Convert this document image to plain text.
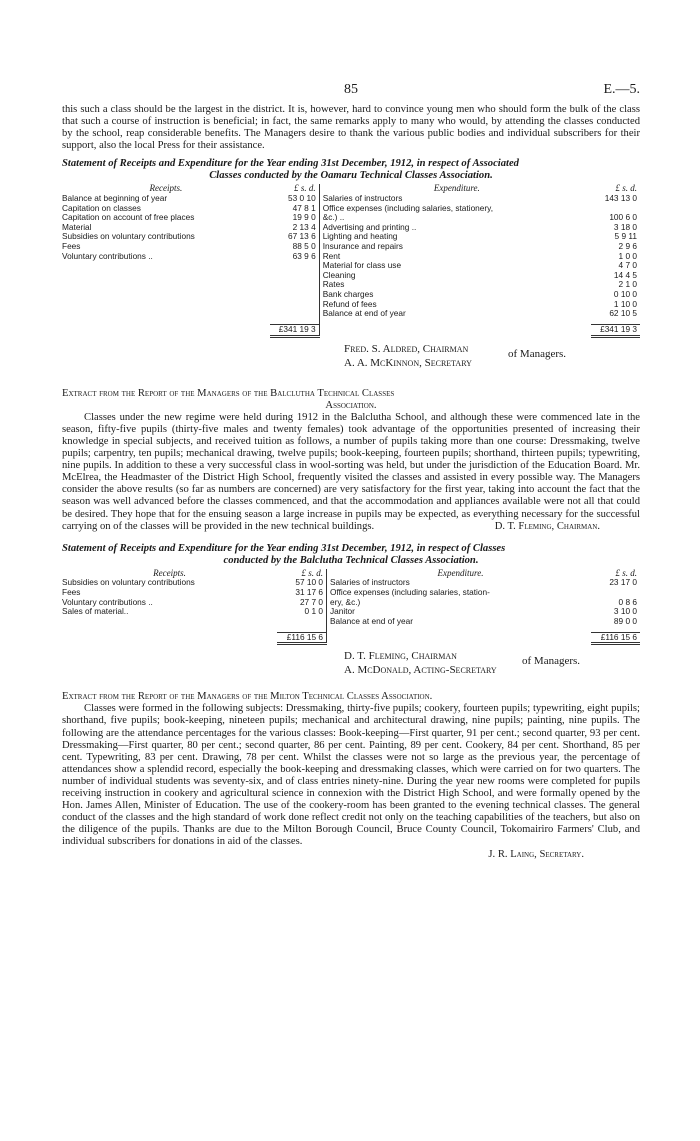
85	E.—5.

this such a class should be the largest in the district. It is, however, hard to convince young men who should form the bulk of the class that such a course of instruction is beneficial; in fact, the same remarks apply to many who would, by attending the classes conducted by the school, reap considerable benefits. The Managers desire to thank the various public bodies and individual subscribers for their support, also the local Press for their assistance.

Statement of Receipts and Expenditure for the Year ending 31st December, 1912, in respect of Associated
Classes conducted by the Oamaru Technical Classes Association.
Receipts.	£ s. d.	Expenditure.	£ s. d.
Balance at beginning of year	53 0 10	Salaries of instructors	143 13 0
Capitation on classes	47 8 1	Office expenses (including salaries, stationery,	
Capitation on account of free places	19 9 0	&c.) ..	100 6 0
Material	2 13 4	Advertising and printing ..	3 18 0
Subsidies on voluntary contributions	67 13 6	Lighting and heating	5 9 11
Fees	88 5 0	Insurance and repairs	2 9 6
Voluntary contributions ..	63 9 6	Rent	1 0 0
		Material for class use	4 7 0
		Cleaning	14 4 5
		Rates	2 1 0
		Bank charges	0 10 0
		Refund of fees	1 10 0
		Balance at end of year	62 10 5

	£341 19 3		£341 19 3
Fred. S. Aldred, Chairman
A. A. McKinnon, Secretary
of Managers.
Extract from the Report of the Managers of the Balclutha Technical Classes
Association.

Classes under the new regime were held during 1912 in the Balclutha School, and although these were commenced late in the season, fifty-five pupils (thirty-five males and twenty females) took advantage of the opportunities presented of increasing their knowledge in special subjects, and received tuition as follows, a number of pupils taking more than one course: Dressmaking, twelve pupils; carpentry, ten pupils; mechanical drawing, twelve pupils; book-keeping, fourteen pupils; shorthand, thirteen pupils; typewriting, nine pupils. In addition to these a very successful class in wool-sorting was held, but under the jurisdiction of the Education Board. Mr. McElrea, the Headmaster of the District High School, frequently visited the classes and assisted in every possible way. The Managers consider the above results (so far as numbers are concerned) are very satisfactory for the first year, taking into account the fact that the season was well advanced before the classes commenced, and that the accommodation and appliances available were not all that could be desired. They hope that for the ensuing season a large increase in pupils may be expected, as everything necessary for the successful carrying on of the classes will be provided in the new technical buildings.	D. T. Fleming, Chairman.

Statement of Receipts and Expenditure for the Year ending 31st December, 1912, in respect of Classes
conducted by the Balclutha Technical Classes Association.
Receipts.	£ s. d.	Expenditure.	£ s. d.
Subsidies on voluntary contributions	57 10 0	Salaries of instructors	23 17 0
Fees	31 17 6	Office expenses (including salaries, station-	
Voluntary contributions ..	27 7 0	ery, &c.)	0 8 6
Sales of material..	0 1 0	Janitor	3 10 0
		Balance at end of year	89 0 0

	£116 15 6		£116 15 6
D. T. Fleming, Chairman
A. McDonald, Acting-Secretary
of Managers.
Extract from the Report of the Managers of the Milton Technical Classes Association.

Classes were formed in the following subjects: Dressmaking, thirty-five pupils; cookery, fourteen pupils; typewriting, eight pupils; shorthand, five pupils; book-keeping, nineteen pupils; mechanical and architectural drawing, nine pupils; painting, nine pupils. The following are the attendance percentages for the various classes: Book-keeping—First quarter, 91 per cent.; second quarter, 93 per cent. Dressmaking—First quarter, 80 per cent.; second quarter, 86 per cent. Painting, 89 per cent. Cookery, 84 per cent. Shorthand, 85 per cent. Typewriting, 83 per cent. Drawing, 78 per cent. Whilst the classes were not so large as the previous year, the percentage of attendances show a splendid record, especially the book-keeping and dressmaking classes, which were carried on for two quarters. The number of individual students was seventy-six, and of class entries ninety-nine. During the year new rooms were completed for pupils receiving instruction in cookery and agricultural science in connexion with the District High School, and were formally opened by the Hon. James Allen, Minister of Education. The use of the cookery-room has been granted to the evening technical classes. The general conduct of the classes and the high standard of work done reflect credit not only on the teaching capabilities of the teachers, but also on the diligence of the pupils. Thanks are due to the Milton Borough Council, Bruce County Council, Tokomairiro Farmers' Club, and individual subscribers for donations in aid of the classes.

J. R. Laing, Secretary.
